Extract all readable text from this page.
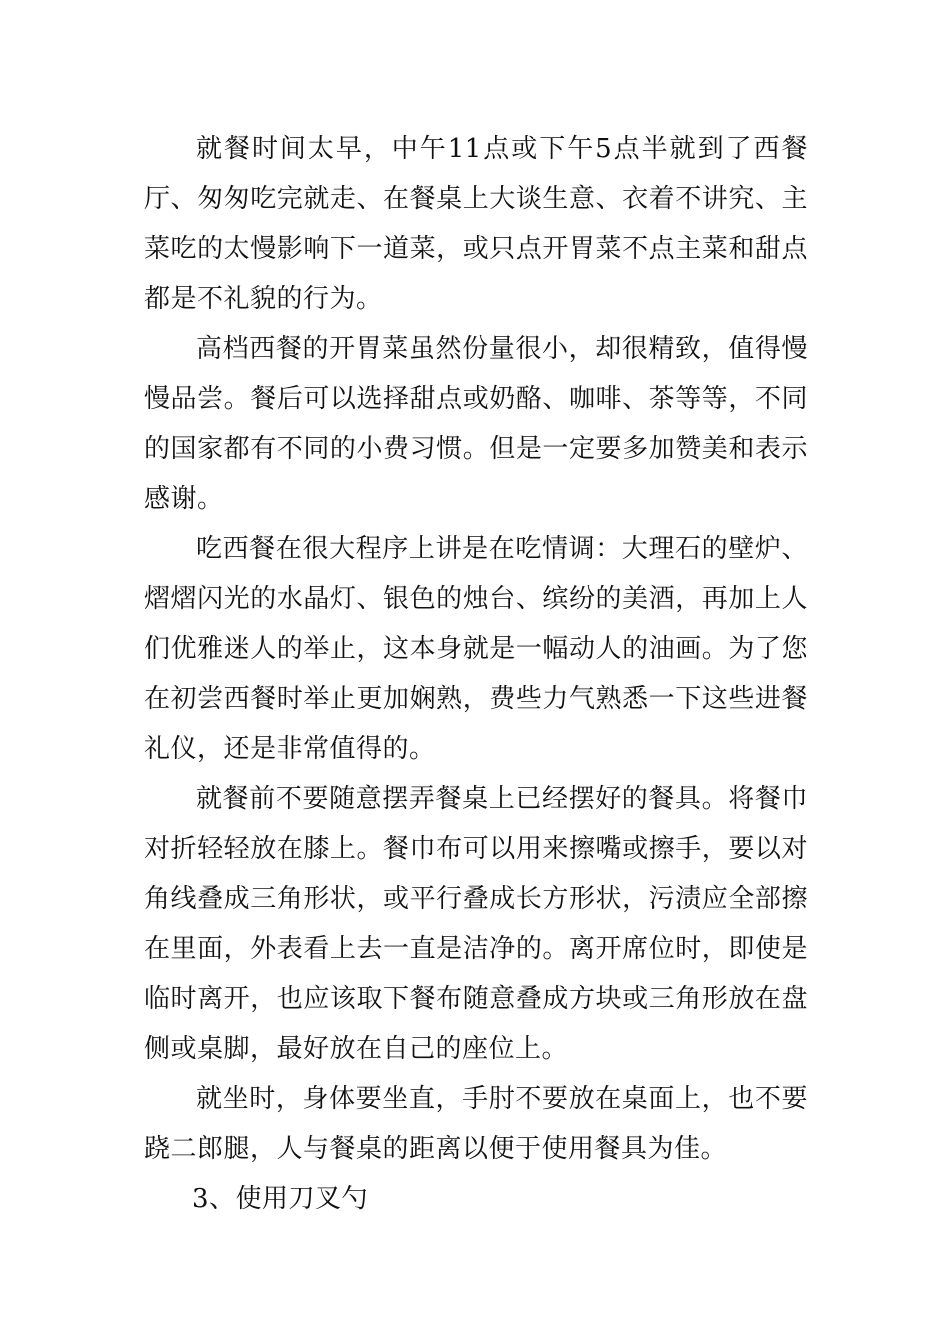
就餐时间太早，中午11点或下午5点半就到了西餐厅、匆匆吃完就走、在餐桌上大谈生意、衣着不讲究、主菜吃的太慢影响下一道菜，或只点开胃菜不点主菜和甜点都是不礼貌的行为。

高档西餐的开胃菜虽然份量很小，却很精致，值得慢慢品尝。餐后可以选择甜点或奶酪、咖啡、茶等等，不同的国家都有不同的小费习惯。但是一定要多加赞美和表示感谢。

吃西餐在很大程序上讲是在吃情调：大理石的壁炉、熠熠闪光的水晶灯、银色的烛台、缤纷的美酒，再加上人们优雅迷人的举止，这本身就是一幅动人的油画。为了您在初尝西餐时举止更加娴熟，费些力气熟悉一下这些进餐礼仪，还是非常值得的。

就餐前不要随意摆弄餐桌上已经摆好的餐具。将餐巾对折轻轻放在膝上。餐巾布可以用来擦嘴或擦手，要以对角线叠成三角形状，或平行叠成长方形状，污渍应全部擦在里面，外表看上去一直是洁净的。离开席位时，即使是临时离开，也应该取下餐布随意叠成方块或三角形放在盘侧或桌脚，最好放在自己的座位上。

就坐时，身体要坐直，手肘不要放在桌面上，也不要跷二郎腿，人与餐桌的距离以便于使用餐具为佳。

3、使用刀叉勺
